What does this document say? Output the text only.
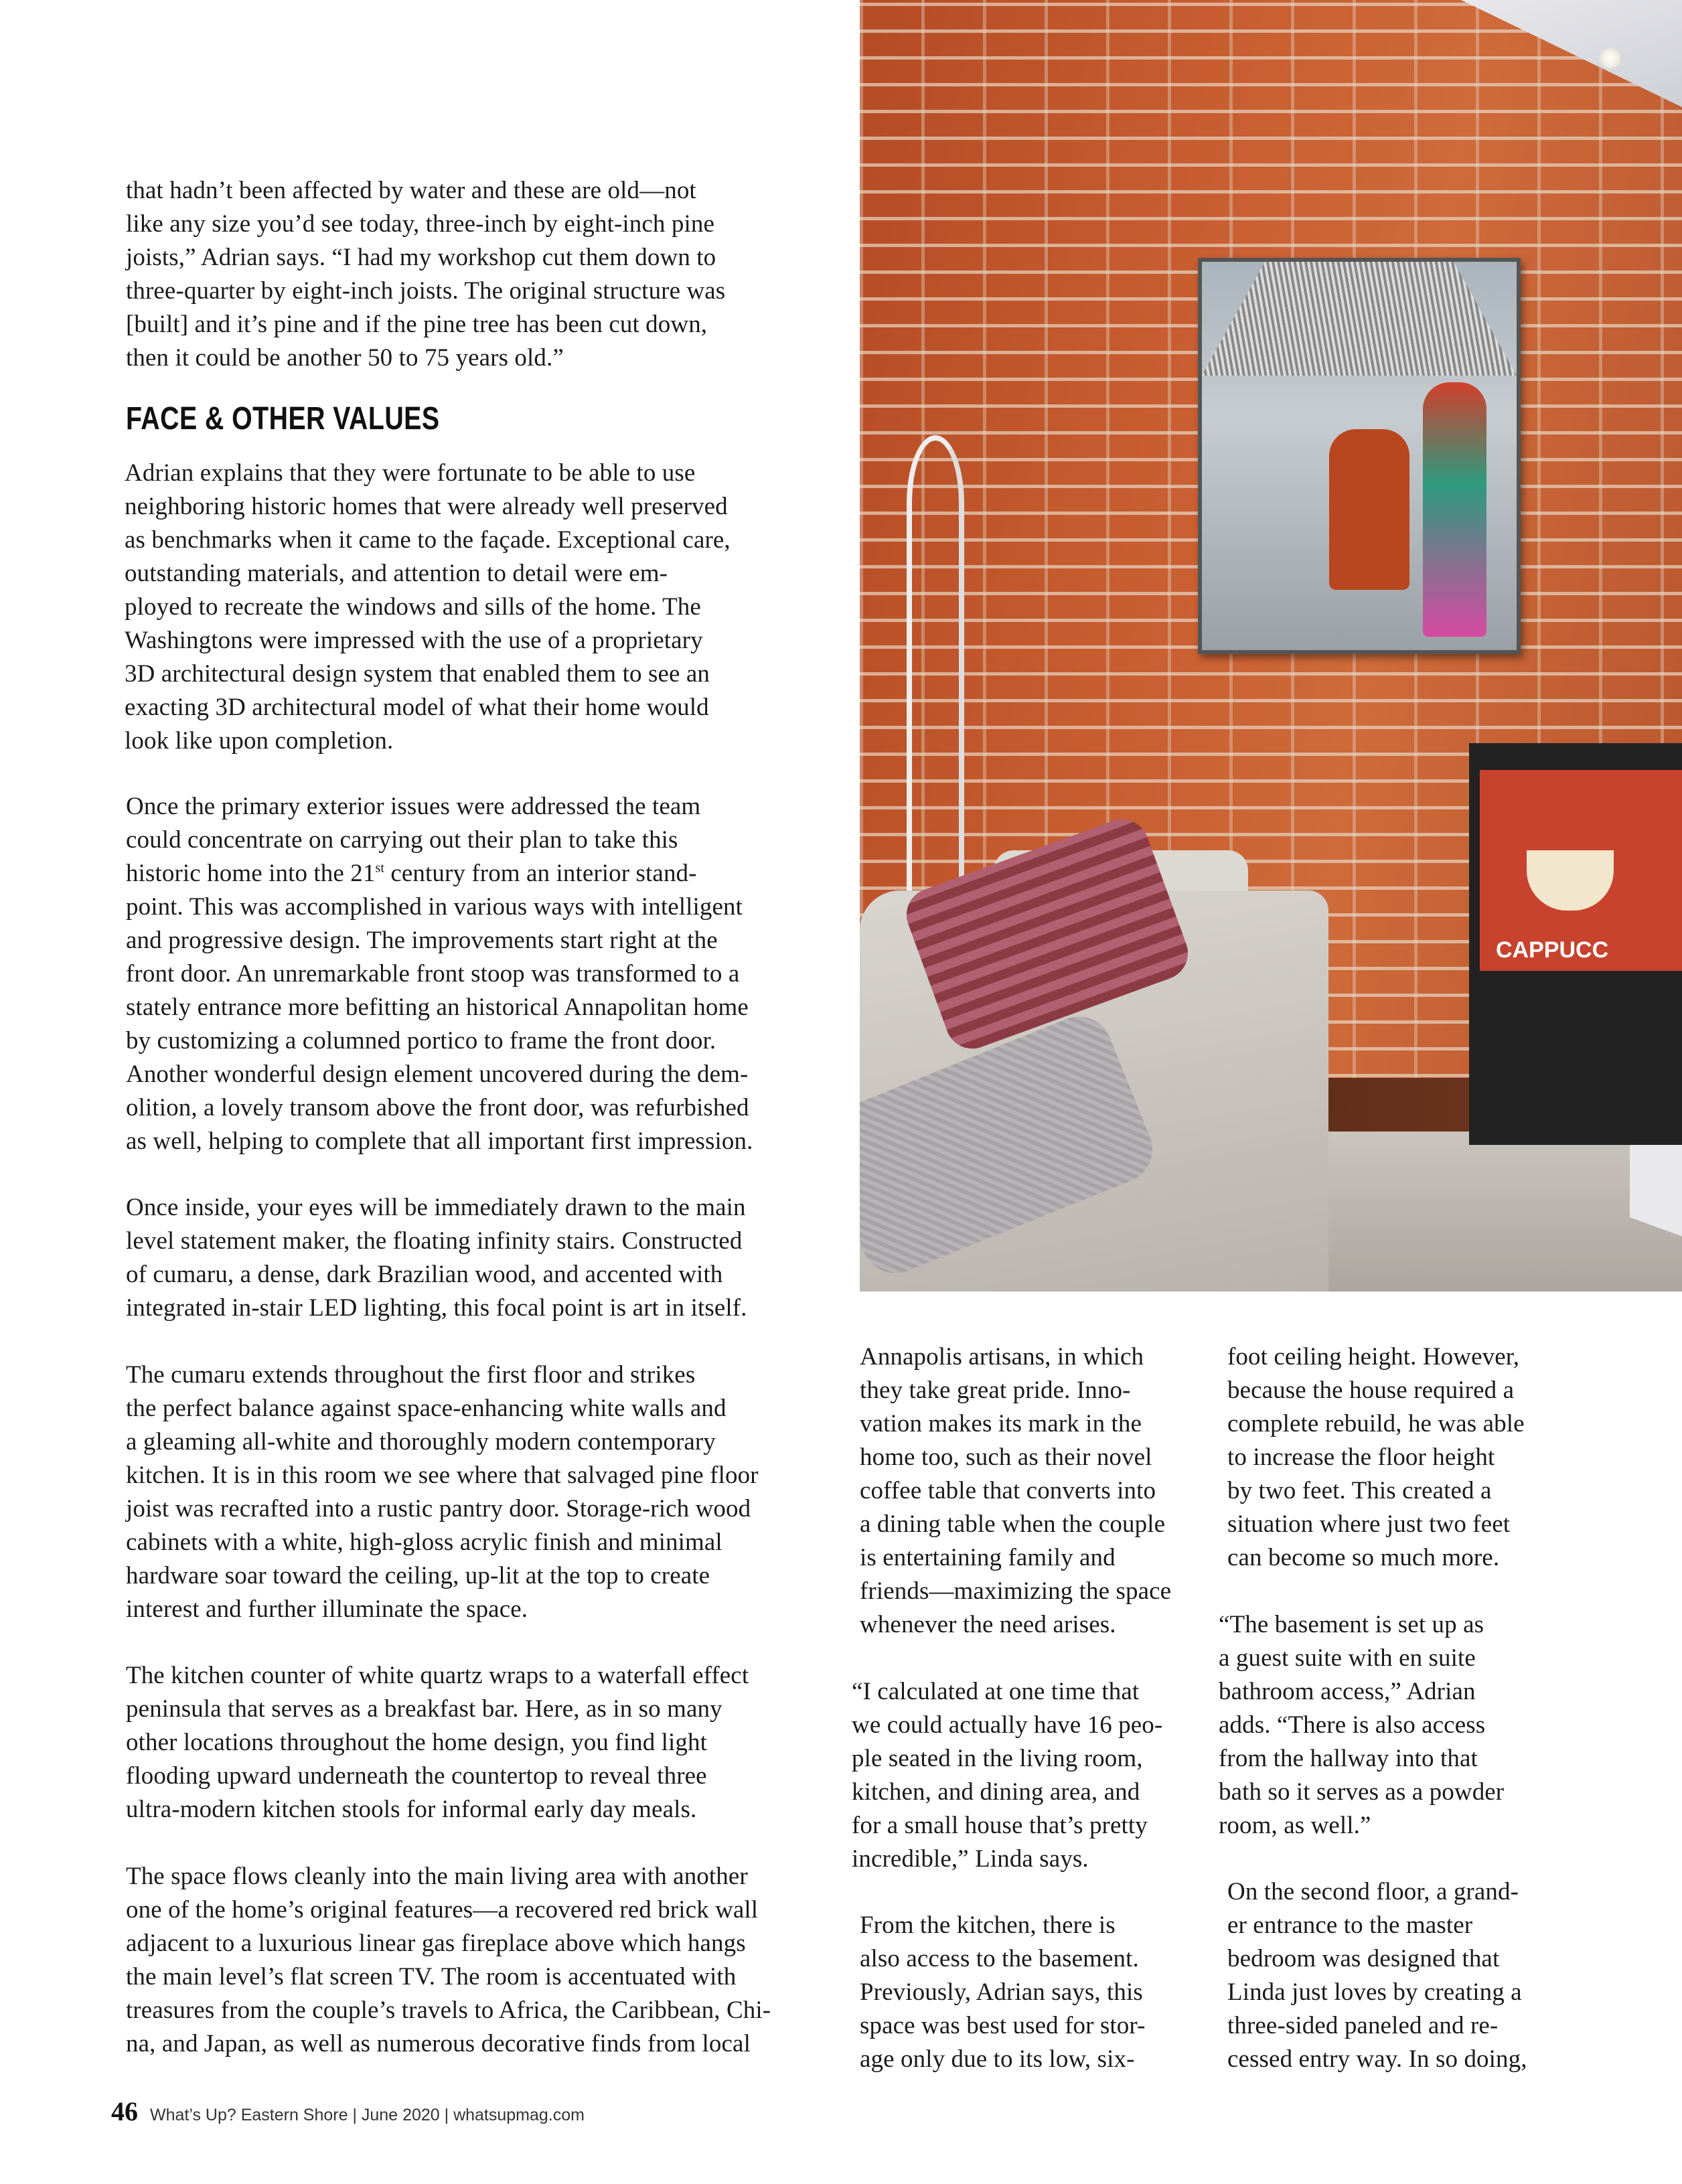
CAPPUCC
that hadn’t been affected by water and these are old—not
like any size you’d see today, three-inch by eight-inch pine
joists,” Adrian says. “I had my workshop cut them down to
three-quarter by eight-inch joists. The original structure was
[built] and it’s pine and if the pine tree has been cut down,
then it could be another 50 to 75 years old.”
FACE & OTHER VALUES
Adrian explains that they were fortunate to be able to use
neighboring historic homes that were already well preserved
as benchmarks when it came to the façade. Exceptional care,
outstanding materials, and attention to detail were em-
ployed to recreate the windows and sills of the home. The
Washingtons were impressed with the use of a proprietary
3D architectural design system that enabled them to see an
exacting 3D architectural model of what their home would
look like upon completion.
Once the primary exterior issues were addressed the team
could concentrate on carrying out their plan to take this
historic home into the 21st century from an interior stand-
point. This was accomplished in various ways with intelligent
and progressive design. The improvements start right at the
front door. An unremarkable front stoop was transformed to a
stately entrance more befitting an historical Annapolitan home
by customizing a columned portico to frame the front door.
Another wonderful design element uncovered during the dem-
olition, a lovely transom above the front door, was refurbished
as well, helping to complete that all important first impression.
Once inside, your eyes will be immediately drawn to the main
level statement maker, the floating infinity stairs. Constructed
of cumaru, a dense, dark Brazilian wood, and accented with
integrated in-stair LED lighting, this focal point is art in itself.
The cumaru extends throughout the first floor and strikes
the perfect balance against space-enhancing white walls and
a gleaming all-white and thoroughly modern contemporary
kitchen. It is in this room we see where that salvaged pine floor
joist was recrafted into a rustic pantry door. Storage-rich wood
cabinets with a white, high-gloss acrylic finish and minimal
hardware soar toward the ceiling, up-lit at the top to create
interest and further illuminate the space.
The kitchen counter of white quartz wraps to a waterfall effect
peninsula that serves as a breakfast bar. Here, as in so many
other locations throughout the home design, you find light
flooding upward underneath the countertop to reveal three
ultra-modern kitchen stools for informal early day meals.
The space flows cleanly into the main living area with another
one of the home’s original features—a recovered red brick wall
adjacent to a luxurious linear gas fireplace above which hangs
the main level’s flat screen TV. The room is accentuated with
treasures from the couple’s travels to Africa, the Caribbean, Chi-
na, and Japan, as well as numerous decorative finds from local
Annapolis artisans, in which
they take great pride. Inno-
vation makes its mark in the
home too, such as their novel
coffee table that converts into
a dining table when the couple
is entertaining family and
friends—maximizing the space
whenever the need arises.
“I calculated at one time that
we could actually have 16 peo-
ple seated in the living room,
kitchen, and dining area, and
for a small house that’s pretty
incredible,” Linda says.
From the kitchen, there is
also access to the basement.
Previously, Adrian says, this
space was best used for stor-
age only due to its low, six-
foot ceiling height. However,
because the house required a
complete rebuild, he was able
to increase the floor height
by two feet. This created a
situation where just two feet
can become so much more.
“The basement is set up as
a guest suite with en suite
bathroom access,” Adrian
adds. “There is also access
from the hallway into that
bath so it serves as a powder
room, as well.”
On the second floor, a grand-
er entrance to the master
bedroom was designed that
Linda just loves by creating a
three-sided paneled and re-
cessed entry way. In so doing,
46 What’s Up? Eastern Shore | June 2020 | whatsupmag.com
